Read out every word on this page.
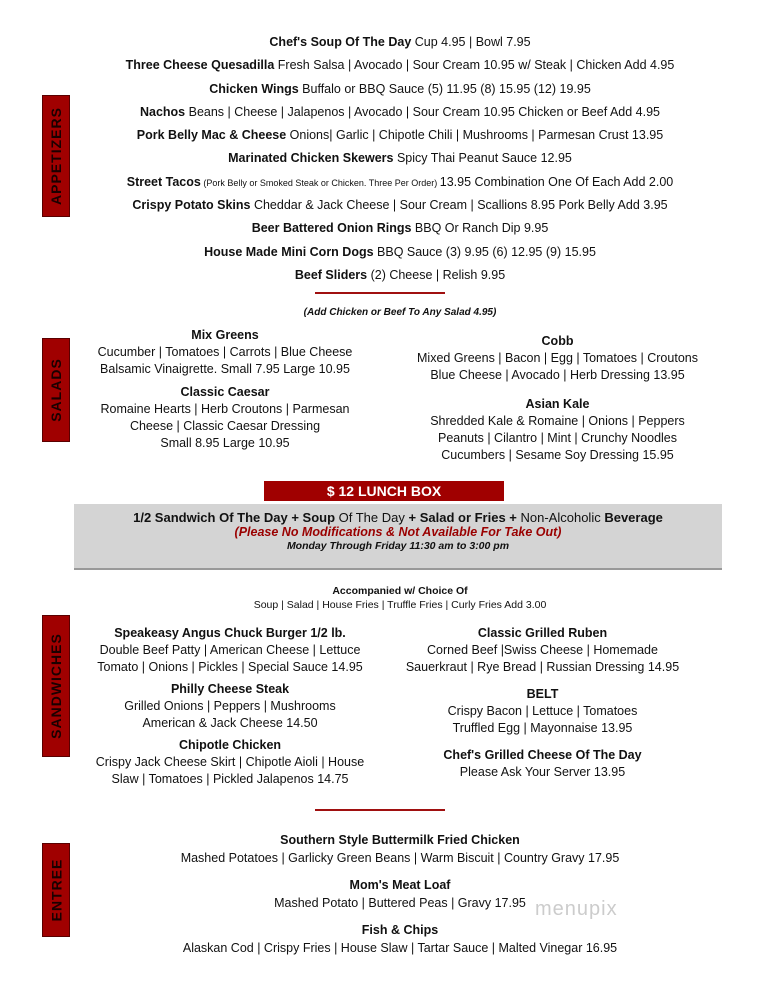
APPETIZERS
SALADS
SANDWICHES
ENTREE
Chef's Soup Of The Day Cup 4.95 | Bowl 7.95
Three Cheese Quesadilla Fresh Salsa | Avocado | Sour Cream 10.95 w/ Steak | Chicken Add 4.95
Chicken Wings Buffalo or BBQ Sauce (5) 11.95 (8) 15.95 (12) 19.95
Nachos Beans | Cheese | Jalapenos | Avocado | Sour Cream 10.95 Chicken or Beef Add 4.95
Pork Belly Mac & Cheese Onions| Garlic | Chipotle Chili | Mushrooms | Parmesan Crust 13.95
Marinated Chicken Skewers Spicy Thai Peanut Sauce 12.95
Street Tacos (Pork Belly or Smoked Steak or Chicken. Three Per Order) 13.95 Combination One Of Each Add 2.00
Crispy Potato Skins Cheddar & Jack Cheese | Sour Cream | Scallions 8.95 Pork Belly Add 3.95
Beer Battered Onion Rings BBQ Or Ranch Dip 9.95
House Made Mini Corn Dogs BBQ Sauce (3) 9.95 (6) 12.95 (9) 15.95
Beef Sliders (2) Cheese | Relish 9.95
(Add Chicken or Beef To Any Salad 4.95)
Mix Greens
Cucumber | Tomatoes | Carrots | Blue Cheese
Balsamic Vinaigrette. Small 7.95 Large 10.95
Classic Caesar
Romaine Hearts | Herb Croutons | Parmesan
Cheese | Classic Caesar Dressing
Small 8.95 Large 10.95
Cobb
Mixed Greens | Bacon | Egg | Tomatoes | Croutons
Blue Cheese | Avocado | Herb Dressing 13.95
Asian Kale
Shredded Kale & Romaine | Onions | Peppers
Peanuts | Cilantro | Mint | Crunchy Noodles
Cucumbers | Sesame Soy Dressing 15.95
$ 12 LUNCH BOX
1/2 Sandwich Of The Day + Soup Of The Day + Salad or Fries + Non-Alcoholic Beverage
(Please No Modifications & Not Available For Take Out)
Monday Through Friday 11:30 am to 3:00 pm
Accompanied w/ Choice Of
Soup | Salad | House Fries | Truffle Fries | Curly Fries Add 3.00
Speakeasy Angus Chuck Burger 1/2 lb.
Double Beef Patty | American Cheese | Lettuce
Tomato | Onions | Pickles | Special Sauce 14.95
Philly Cheese Steak
Grilled Onions | Peppers | Mushrooms
American & Jack Cheese 14.50
Chipotle Chicken
Crispy Jack Cheese Skirt | Chipotle Aioli | House
Slaw | Tomatoes | Pickled Jalapenos 14.75
Classic Grilled Ruben
Corned Beef |Swiss Cheese | Homemade
Sauerkraut | Rye Bread | Russian Dressing 14.95
BELT
Crispy Bacon | Lettuce | Tomatoes
Truffled Egg | Mayonnaise 13.95
Chef's Grilled Cheese Of The Day
Please Ask Your Server 13.95
Southern Style Buttermilk Fried Chicken
Mashed Potatoes | Garlicky Green Beans | Warm Biscuit | Country Gravy 17.95
Mom's Meat Loaf
Mashed Potato | Buttered Peas | Gravy 17.95
Fish & Chips
Alaskan Cod | Crispy Fries | House Slaw | Tartar Sauce | Malted Vinegar 16.95
menupix
